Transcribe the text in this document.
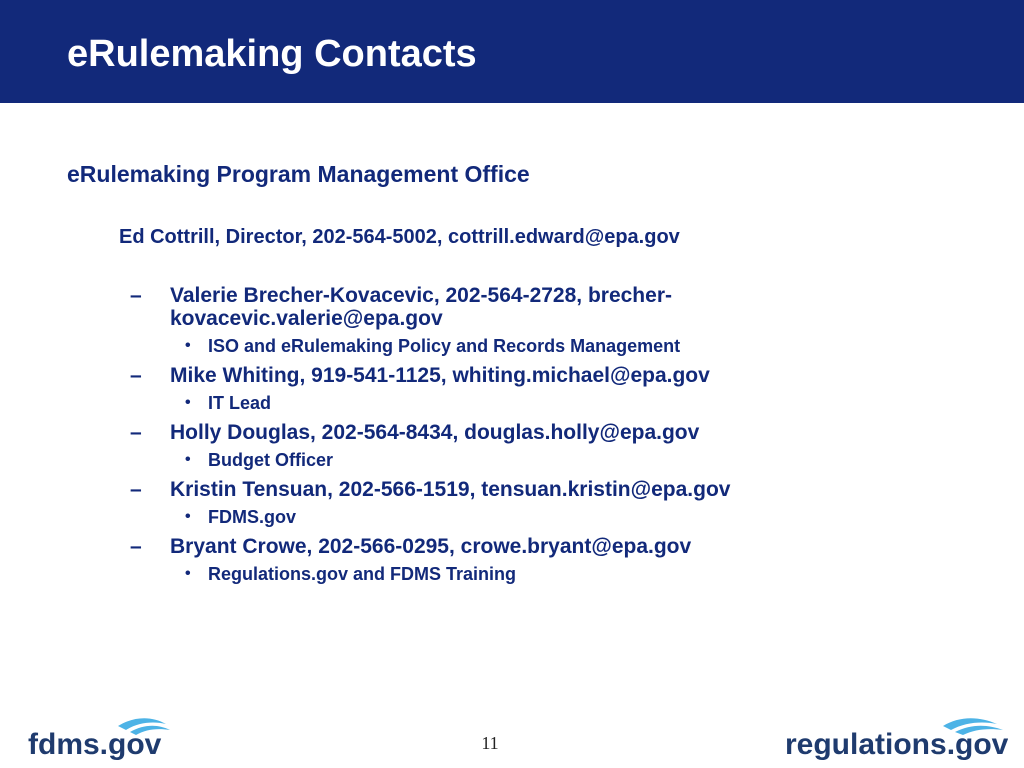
eRulemaking Contacts
eRulemaking Program Management Office

Ed Cottrill, Director, 202-564-5002, cottrill.edward@epa.gov

–	Valerie Brecher-Kovacevic, 202-564-2728, brecher-kovacevic.valerie@epa.gov
• ISO and eRulemaking Policy and Records Management
–	Mike Whiting, 919-541-1125, whiting.michael@epa.gov
• IT Lead
–	Holly Douglas, 202-564-8434, douglas.holly@epa.gov
• Budget Officer
–	Kristin Tensuan, 202-566-1519, tensuan.kristin@epa.gov
• FDMS.gov
–	Bryant Crowe, 202-566-0295, crowe.bryant@epa.gov
• Regulations.gov and FDMS Training
fdms.gov	regulations.gov
11
